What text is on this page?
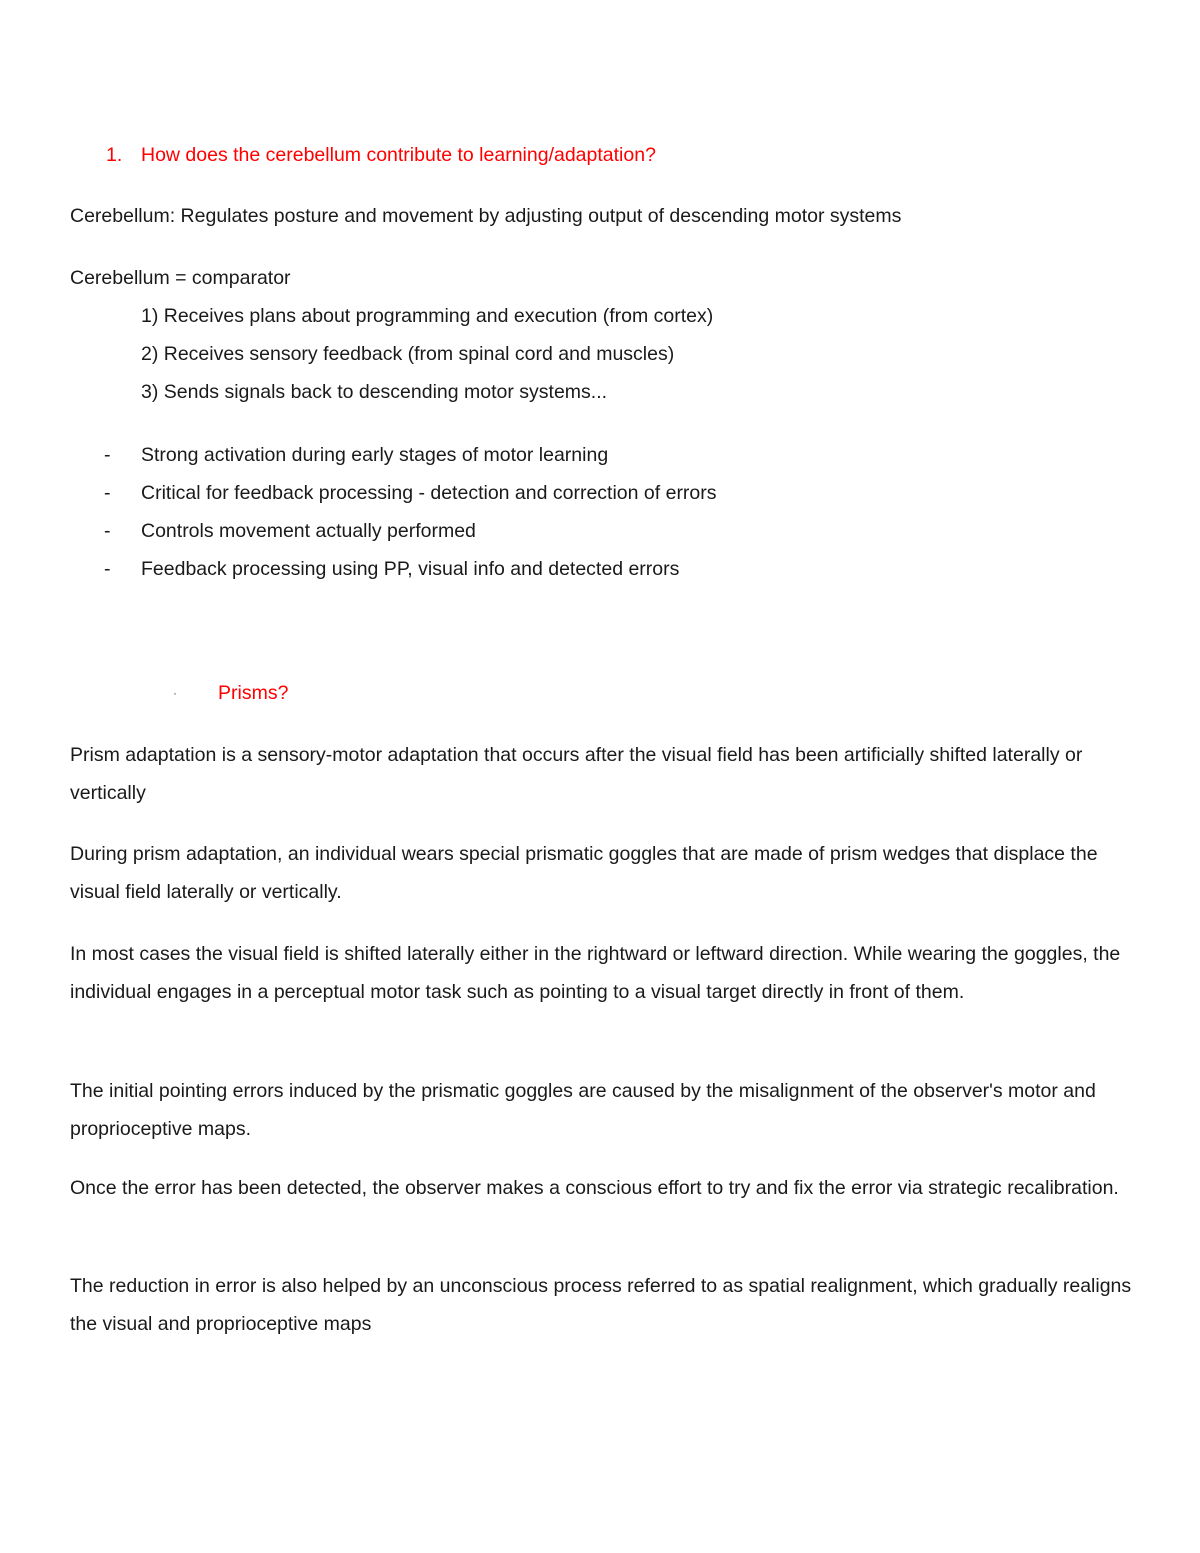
1. How does the cerebellum contribute to learning/adaptation?
Cerebellum: Regulates posture and movement by adjusting output of descending motor systems
Cerebellum = comparator
1) Receives plans about programming and execution (from cortex)
2) Receives sensory feedback (from spinal cord and muscles)
3) Sends signals back to descending motor systems...
- Strong activation during early stages of motor learning
- Critical for feedback processing - detection and correction of errors
- Controls movement actually performed
- Feedback processing using PP, visual info and detected errors
· Prisms?
Prism adaptation is a sensory-motor adaptation that occurs after the visual field has been artificially shifted laterally or vertically
During prism adaptation, an individual wears special prismatic goggles that are made of prism wedges that displace the visual field laterally or vertically.
In most cases the visual field is shifted laterally either in the rightward or leftward direction. While wearing the goggles, the individual engages in a perceptual motor task such as pointing to a visual target directly in front of them.
The initial pointing errors induced by the prismatic goggles are caused by the misalignment of the observer's motor and proprioceptive maps.
Once the error has been detected, the observer makes a conscious effort to try and fix the error via strategic recalibration.
The reduction in error is also helped by an unconscious process referred to as spatial realignment, which gradually realigns the visual and proprioceptive maps
